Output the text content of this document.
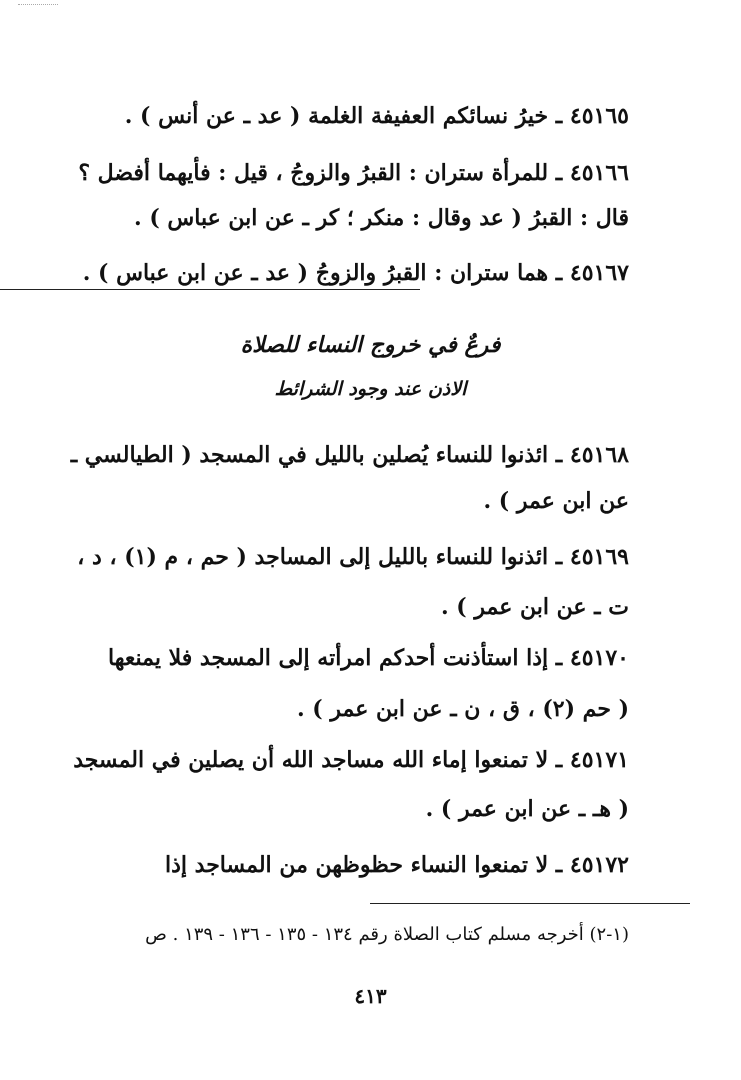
٤٥١٦٥ ـ خيرُ نسائكم العفيفة الغلمة ( عد ـ عن أنس ) .
٤٥١٦٦ ـ للمرأة ستران : القبرُ والزوجُ ، قيل : فأيهما أفضل ؟
قال : القبرُ ( عد وقال : منكر ؛ كر ـ عن ابن عباس ) .
٤٥١٦٧ ـ هما ستران : القبرُ والزوجُ ( عد ـ عن ابن عباس ) .
فرعٌ في خروج النساء للصلاة
الاذن عند وجود الشرائط
٤٥١٦٨ ـ ائذنوا للنساء يُصلين بالليل في المسجد ( الطيالسي ـ
عن ابن عمر ) .
٤٥١٦٩ ـ ائذنوا للنساء بالليل إلى المساجد ( حم ، م (١) ، د ،
ت ـ عن ابن عمر ) .
٤٥١٧٠ ـ إذا استأذنت أحدكم امرأته إلى المسجد فلا يمنعها
( حم (٢) ، ق ، ن ـ عن ابن عمر ) .
٤٥١٧١ ـ لا تمنعوا إماء الله مساجد الله أن يصلين في المسجد
( هـ ـ عن ابن عمر ) .
٤٥١٧٢ ـ لا تمنعوا النساء حظوظهن من المساجد إذا
(١-٢) أخرجه مسلم كتاب الصلاة رقم ١٣٤ - ١٣٥ - ١٣٦ - ١٣٩ . ص
٤١٣
